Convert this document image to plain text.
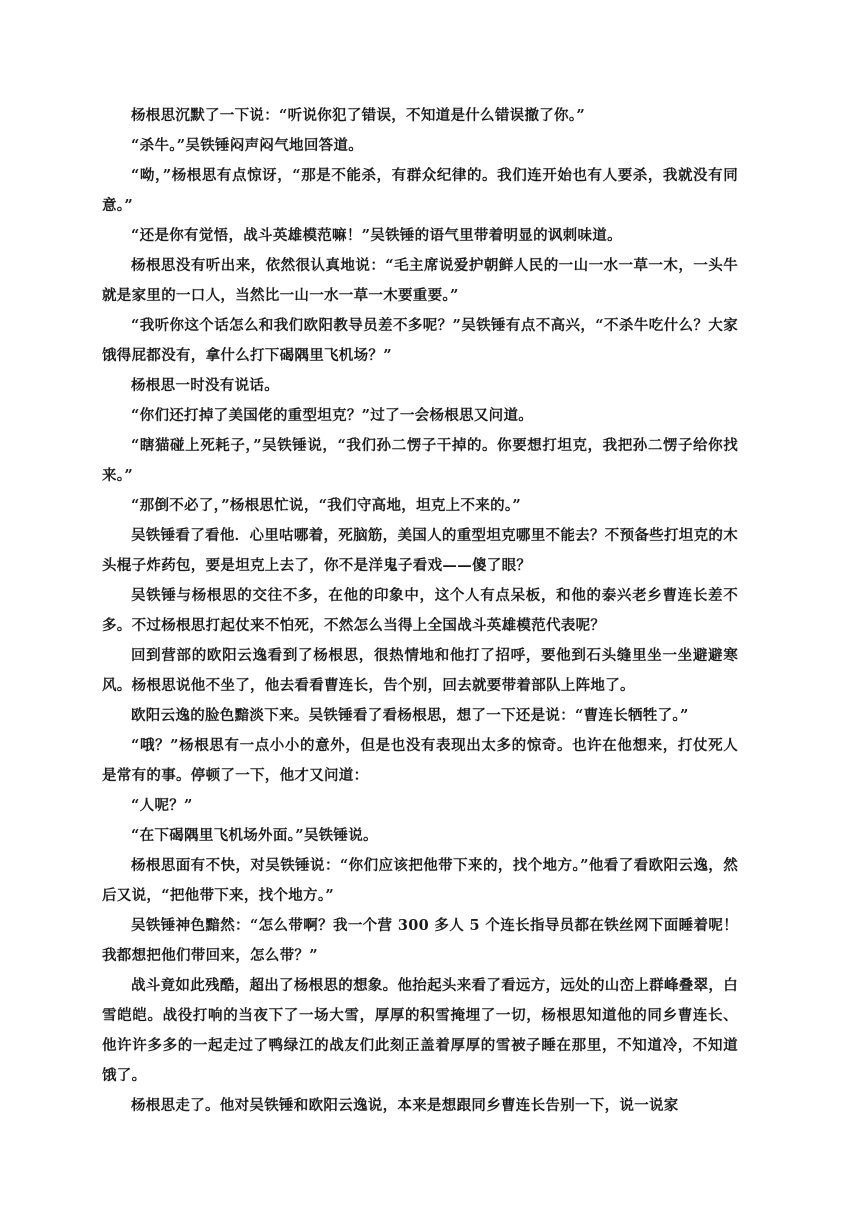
杨根思沉默了一下说：“听说你犯了错误，不知道是什么错误撤了你。”

“杀牛。”吴铁锤闷声闷气地回答道。

“呦，”杨根思有点惊讶，“那是不能杀，有群众纪律的。我们连开始也有人要杀，我就没有同意。”

“还是你有觉悟，战斗英雄模范嘛！”吴铁锤的语气里带着明显的讽刺味道。

杨根思没有听出来，依然很认真地说：“毛主席说爱护朝鲜人民的一山一水一草一木，一头牛就是家里的一口人，当然比一山一水一草一木要重要。”

“我听你这个话怎么和我们欧阳教导员差不多呢？”吴铁锤有点不高兴，“不杀牛吃什么？大家饿得屁都没有，拿什么打下碣隅里飞机场？”

杨根思一时没有说话。

“你们还打掉了美国佬的重型坦克？”过了一会杨根思又问道。

“瞎猫碰上死耗子，”吴铁锤说，“我们孙二愣子干掉的。你要想打坦克，我把孙二愣子给你找来。”

“那倒不必了，”杨根思忙说，“我们守高地，坦克上不来的。”

吴铁锤看了看他．心里咕哪着，死脑筋，美国人的重型坦克哪里不能去？不预备些打坦克的木头棍子炸药包，要是坦克上去了，你不是洋鬼子看戏——傻了眼？

吴铁锤与杨根思的交往不多，在他的印象中，这个人有点呆板，和他的泰兴老乡曹连长差不多。不过杨根思打起仗来不怕死，不然怎么当得上全国战斗英雄模范代表呢？

回到营部的欧阳云逸看到了杨根思，很热情地和他打了招呼，要他到石头缝里坐一坐避避寒风。杨根思说他不坐了，他去看看曹连长，告个别，回去就要带着部队上阵地了。

欧阳云逸的脸色黯淡下来。吴铁锤看了看杨根思，想了一下还是说：“曹连长牺牲了。”

“哦？”杨根思有一点小小的意外，但是也没有表现出太多的惊奇。也许在他想来，打仗死人是常有的事。停顿了一下，他才又问道：

“人呢？”

“在下碣隅里飞机场外面。”吴铁锤说。

杨根思面有不快，对吴铁锤说：“你们应该把他带下来的，找个地方。”他看了看欧阳云逸，然后又说，“把他带下来，找个地方。”

吴铁锤神色黯然：“怎么带啊？我一个营 300 多人 5 个连长指导员都在铁丝网下面睡着呢！我都想把他们带回来，怎么带？”

战斗竟如此残酷，超出了杨根思的想象。他抬起头来看了看远方，远处的山峦上群峰叠翠，白雪皑皑。战役打响的当夜下了一场大雪，厚厚的积雪掩埋了一切，杨根思知道他的同乡曹连长、他许许多多的一起走过了鸭绿江的战友们此刻正盖着厚厚的雪被子睡在那里，不知道冷，不知道饿了。

杨根思走了。他对吴铁锤和欧阳云逸说，本来是想跟同乡曹连长告别一下，说一说家
